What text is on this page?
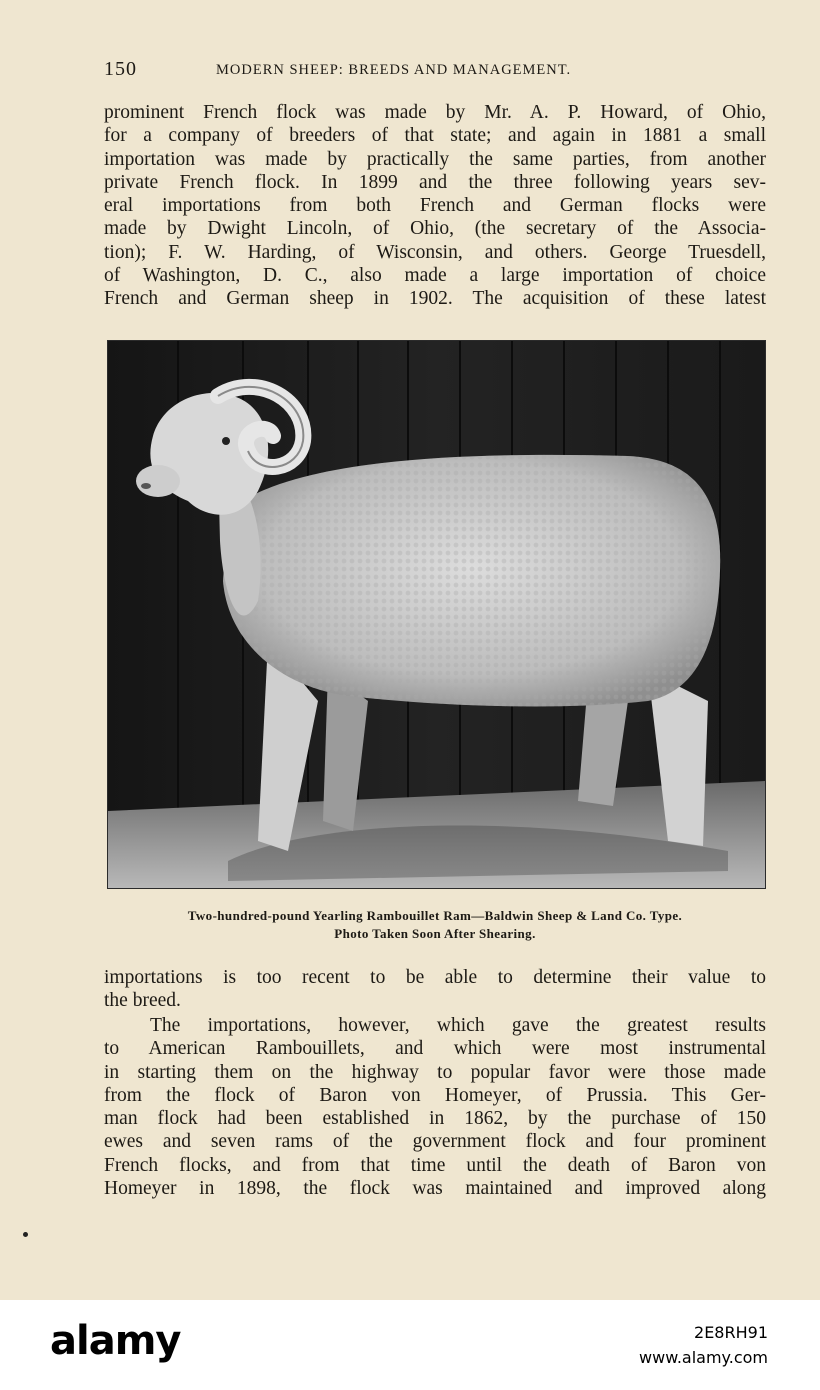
150	MODERN SHEEP: BREEDS AND MANAGEMENT.
prominent French flock was made by Mr. A. P. Howard, of Ohio,
for a company of breeders of that state; and again in 1881 a small
importation was made by practically the same parties, from another
private French flock. In 1899 and the three following years sev-
eral importations from both French and German flocks were
made by Dwight Lincoln, of Ohio, (the secretary of the Associa-
tion); F. W. Harding, of Wisconsin, and others. George Truesdell,
of Washington, D. C., also made a large importation of choice
French and German sheep in 1902. The acquisition of these latest
Two-hundred-pound Yearling Rambouillet Ram—Baldwin Sheep & Land Co. Type.
Photo Taken Soon After Shearing.
importations is too recent to be able to determine their value to
the breed.
The importations, however, which gave the greatest results
to American Rambouillets, and which were most instrumental
in starting them on the highway to popular favor were those made
from the flock of Baron von Homeyer, of Prussia. This Ger-
man flock had been established in 1862, by the purchase of 150
ewes and seven rams of the government flock and four prominent
French flocks, and from that time until the death of Baron von
Homeyer in 1898, the flock was maintained and improved along
alamy	2E8RH91
www.alamy.com
